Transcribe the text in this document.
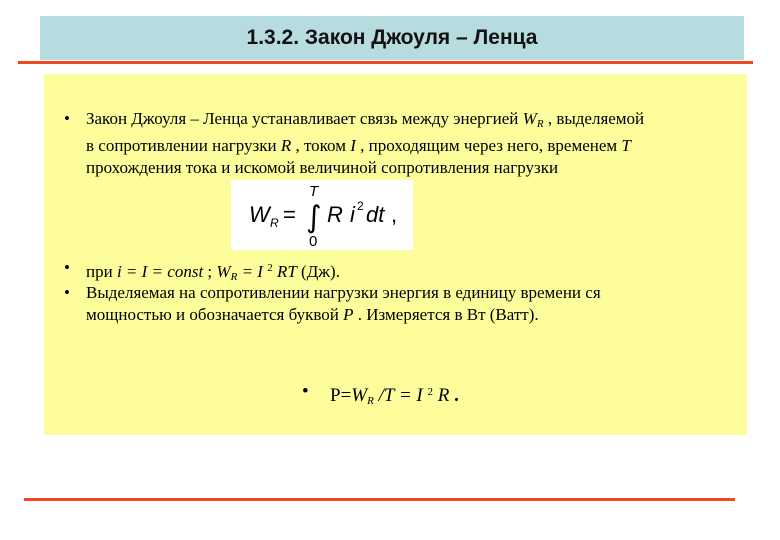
1.3.2. Закон Джоуля – Ленца
• Закон Джоуля – Ленца устанавливает связь между энергией $W_R$ , выделяемой
в сопротивлении нагрузки R , током I , проходящим через него, временем T
прохождения тока и искомой величиной сопротивления нагрузки
W R =
T
∫
0
R i 2 dt ,
• при i = I = const ; $W_R = I$ $^2$ RT (Дж).
• Выделяемая на сопротивлении нагрузки энергия в единицу времени ся
мощностью и обозначается буквой P . Измеряется в Вт (Ватт).
• $P=W_R$ /T = I $^2$ R .
